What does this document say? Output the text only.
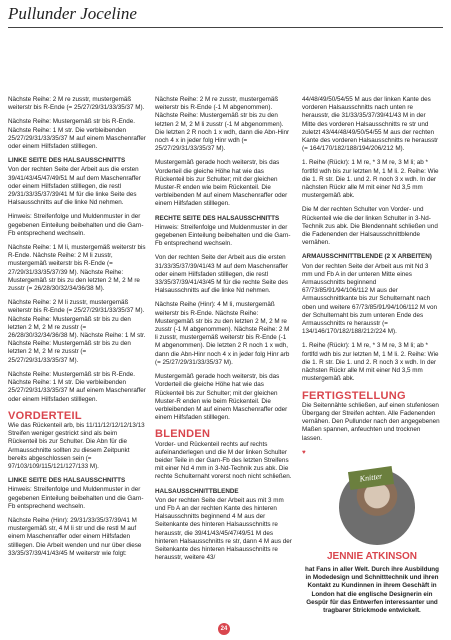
Pullunder Joceline

Nächste Reihe: 2 M re zusstr, mustergemäß weiterstr bis R-Ende (= 25/27/29/31/33/35/37 M).

Nächste Reihe: Mustergemäß str bis R-Ende. Nächste Reihe: 1 M str. Die verbleibenden 25/27/29/31/33/35/37 M auf einem Maschenraffer oder einem Hilfsfaden stilllegen.

LINKE SEITE DES HALSAUSSCHNITTS

Von der rechten Seite der Arbeit aus die ersten 39/41/43/45/47/49/51 M auf dem Maschenraffer oder einem Hilfsfaden stilllegen, die restl 29/31/33/35/37/39/41 M für die linke Seite des Halsausschnitts auf die linke Nd nehmen.

Hinweis: Streifenfolge und Muldenmuster in der gegebenen Einteilung beibehalten und die Garn-Fb entsprechend wechseln.

Nächste Reihe: 1 M li, mustergemäß weiterstr bis R-Ende. Nächste Reihe: 2 M li zusstr, mustergemäß weiterstr bis R-Ende (= 27/29/31/33/35/37/39 M). Nächste Reihe: Mustergemäß str bis zu den letzten 2 M, 2 M re zusstr (= 26/28/30/32/34/36/38 M).

Nächste Reihe: 2 M li zusstr, mustergemäß weiterstr bis R-Ende (= 25/27/29/31/33/35/37 M). Nächste Reihe: Mustergemäß str bis zu den letzten 2 M, 2 M re zusstr (= 26/28/30/32/34/36/38 M). Nächste Reihe: 1 M str. Nächste Reihe: Mustergemäß str bis zu den letzten 2 M, 2 M re zusstr (= 25/27/29/31/33/35/37 M).

Nächste Reihe: Mustergemäß str bis R-Ende. Nächste Reihe: 1 M str. Die verbleibenden 25/27/29/31/33/35/37 M auf einem Maschenraffer oder einem Hilfsfaden stilllegen.

VORDERTEIL

Wie das Rückenteil arb, bis 11/11/12/12/12/13/13 Streifen weniger gestrickt sind als beim Rückenteil bis zur Schulter. Die Abn für die Armausschnitte sollten zu diesem Zeitpunkt bereits abgeschlossen sein (= 97/103/109/115/121/127/133 M).

LINKE SEITE DES HALSAUSSCHNITTS

Hinweis: Streifenfolge und Muldenmuster in der gegebenen Einteilung beibehalten und die Garn-Fb entsprechend wechseln.

Nächste Reihe (Hinr): 29/31/33/35/37/39/41 M mustergemäß str, 4 M li str und die restl M auf einem Maschenraffer oder einem Hilfsfaden stilllegen. Die Arbeit wenden und nur über diese 33/35/37/39/41/43/45 M weiterstr wie folgt:

Nächste Reihe: 2 M re zusstr, mustergemäß weiterstr bis R-Ende (-1 M abgenommen). Nächste Reihe: Mustergemäß str bis zu den letzten 2 M, 2 M li zusstr (-1 M abgenommen). Die letzten 2 R noch 1 x wdh, dann die Abn-Hinr noch 4 x in jeder folg Hinr wdh (= 25/27/29/31/33/35/37 M).

Mustergemäß gerade hoch weiterstr, bis das Vorderteil die gleiche Höhe hat wie das Rückenteil bis zur Schulter; mit der gleichen Muster-R enden wie beim Rückenteil. Die verbleibenden M auf einem Maschenraffer oder einem Hilfsfaden stilllegen.

RECHTE SEITE DES HALSAUSSCHNITTS

Hinweis: Streifenfolge und Muldenmuster in der gegebenen Einteilung beibehalten und die Garn-Fb entsprechend wechseln.

Von der rechten Seite der Arbeit aus die ersten 31/33/35/37/39/41/43 M auf dem Maschenraffer oder einem Hilfsfaden stilllegen, die restl 33/35/37/39/41/43/45 M für die rechte Seite des Halsausschnitts auf die linke Nd nehmen.

Nächste Reihe (Hinr): 4 M li, mustergemäß weiterstr bis R-Ende. Nächste Reihe: Mustergemäß str bis zu den letzten 2 M, 2 M re zusstr (-1 M abgenommen). Nächste Reihe: 2 M li zusstr, mustergemäß weiterstr bis R-Ende (-1 M abgenommen). Die letzten 2 R noch 1 x wdh, dann die Abn-Hinr noch 4 x in jeder folg Hinr arb (= 25/27/29/31/33/35/37 M).

Mustergemäß gerade hoch weiterstr, bis das Vorderteil die gleiche Höhe hat wie das Rückenteil bis zur Schulter; mit der gleichen Muster-R enden wie beim Rückenteil. Die verbleibenden M auf einem Maschenraffer oder einem Hilfsfaden stilllegen.

BLENDEN

Vorder- und Rückenteil rechts auf rechts aufeinanderlegen und die M der linken Schulter beider Teile in der Garn-Fb des letzten Streifens mit einer Nd 4 mm in 3-Nd-Technik zus abk. Die rechte Schulternaht vorerst noch nicht schließen.

HALSAUSSCHNITTBLENDE

Von der rechten Seite der Arbeit aus mit 3 mm und Fb A an der rechten Kante des hinteren Halsausschnitts beginnend 4 M aus der Seitenkante des hinteren Halsausschnitts re herausstr, die 39/41/43/45/47/49/51 M des hinteren Halsausschnitts re str, dann 4 M aus der Seitenkante des hinteren Halsausschnitts re herausstr, weitere 43/

44/48/49/50/54/55 M aus der linken Kante des vorderen Halsausschnitts nach unten re herausstr, die 31/33/35/37/39/41/43 M in der Mitte des vorderen Halsausschnitts re str und zuletzt 43/44/48/49/50/54/55 M aus der rechten Kante des vorderen Halsausschnitts re herausstr (= 164/170/182/188/194/206/212 M).

1. Reihe (Rückr): 1 M re, * 3 M re, 3 M li; ab * fortlfd wdh bis zur letzten M, 1 M li. 2. Reihe: Wie die 1. R str. Die 1. und 2. R noch 3 x wdh. In der nächsten Rückr alle M mit einer Nd 3,5 mm mustergemäß abk.

Die M der rechten Schulter von Vorder- und Rückenteil wie die der linken Schulter in 3-Nd-Technik zus abk. Die Blendennaht schließen und die Fadenenden der Halsausschnittblende vernähen.

ARMAUSSCHNITTBLENDE (2 X ARBEITEN)

Von der rechten Seite der Arbeit aus mit Nd 3 mm und Fb A in der unteren Mitte eines Armausschnitts beginnend 67/73/85/91/94/106/112 M aus der Armausschnittkante bis zur Schulternaht nach oben und weitere 67/73/85/91/94/106/112 M von der Schulternaht bis zum unteren Ende des Armausschnitts re herausstr (= 134/146/170/182/188/212/224 M).

1. Reihe (Rückr): 1 M re, * 3 M re, 3 M li; ab * fortlfd wdh bis zur letzten M, 1 M li. 2. Reihe: Wie die 1. R str. Die 1. und 2. R noch 3 x wdh. In der nächsten Rückr alle M mit einer Nd 3,5 mm mustergemäß abk.

FERTIGSTELLUNG

Die Seitennähte schließen, auf einen stufenlosen Übergang der Streifen achten. Alle Fadenenden vernähen. Den Pullunder nach den angegebenen Maßen spannen, anfeuchten und trocknen lassen.

♥
Knitter
JENNIE ATKINSON
hat Fans in aller Welt. Durch ihre Ausbildung in Modedesign und Schnitttechnik und ihren Kontakt zu Kundinnen in ihrem Geschäft in London hat die englische Designerin ein Gespür für das Entwerfen interessanter und tragbarer Strickmode entwickelt.
24
